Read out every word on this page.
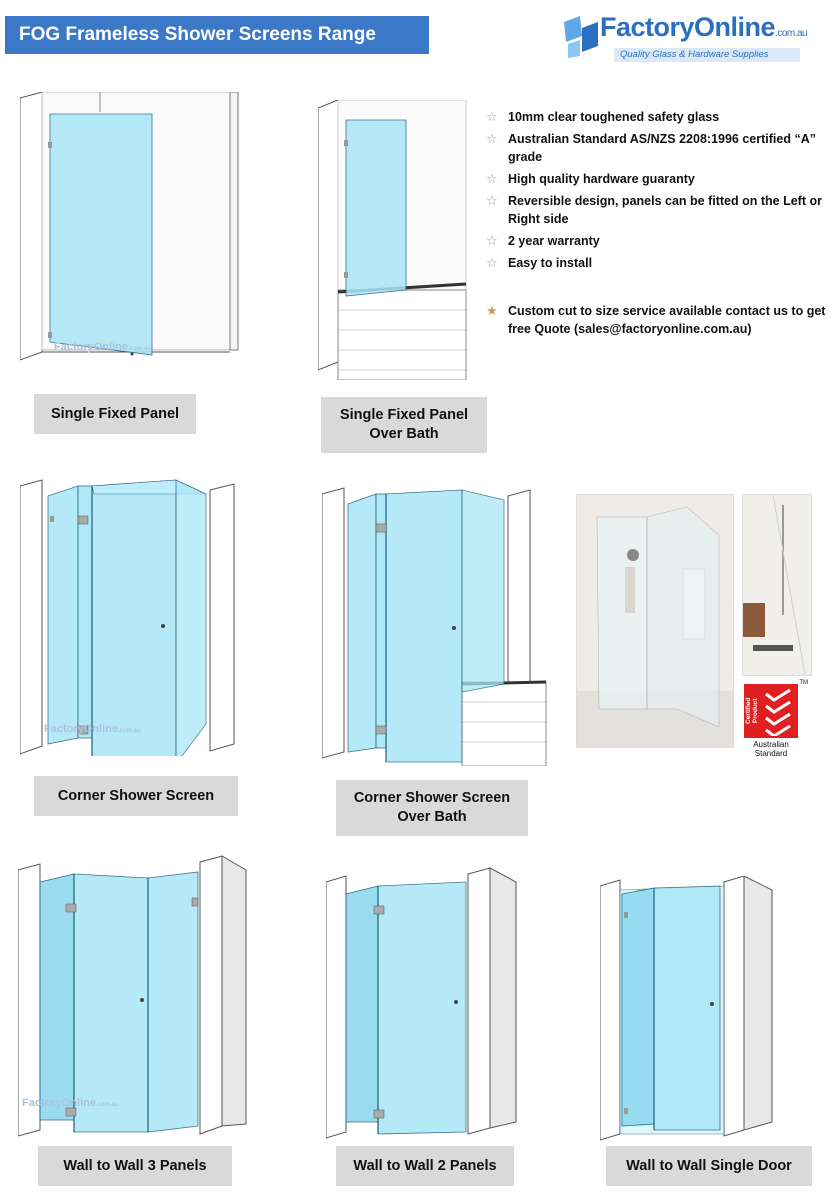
FOG Frameless Shower Screens Range	FactoryOnline.com.au
Quality Glass & Hardware Supplies
☆ 10mm clear toughened safety glass
☆ Australian Standard AS/NZS 2208:1996 certified “A” grade
☆ High quality hardware guaranty
☆ Reversible design, panels can be fitted on the Left or Right side
☆ 2 year warranty
☆ Easy to install
★ Custom cut to size service available contact us to get free Quote (sales@factoryonline.com.au)
FactoryOnline.com.au
Single Fixed Panel	Single Fixed Panel
Over Bath
FactoryOnline.com.au
Corner Shower Screen	Corner Shower Screen
Over Bath
Certified Product
TM
Australian
Standard
FactoryOnline.com.au
Wall to Wall 3 Panels	Wall to Wall 2 Panels	Wall to Wall Single Door
